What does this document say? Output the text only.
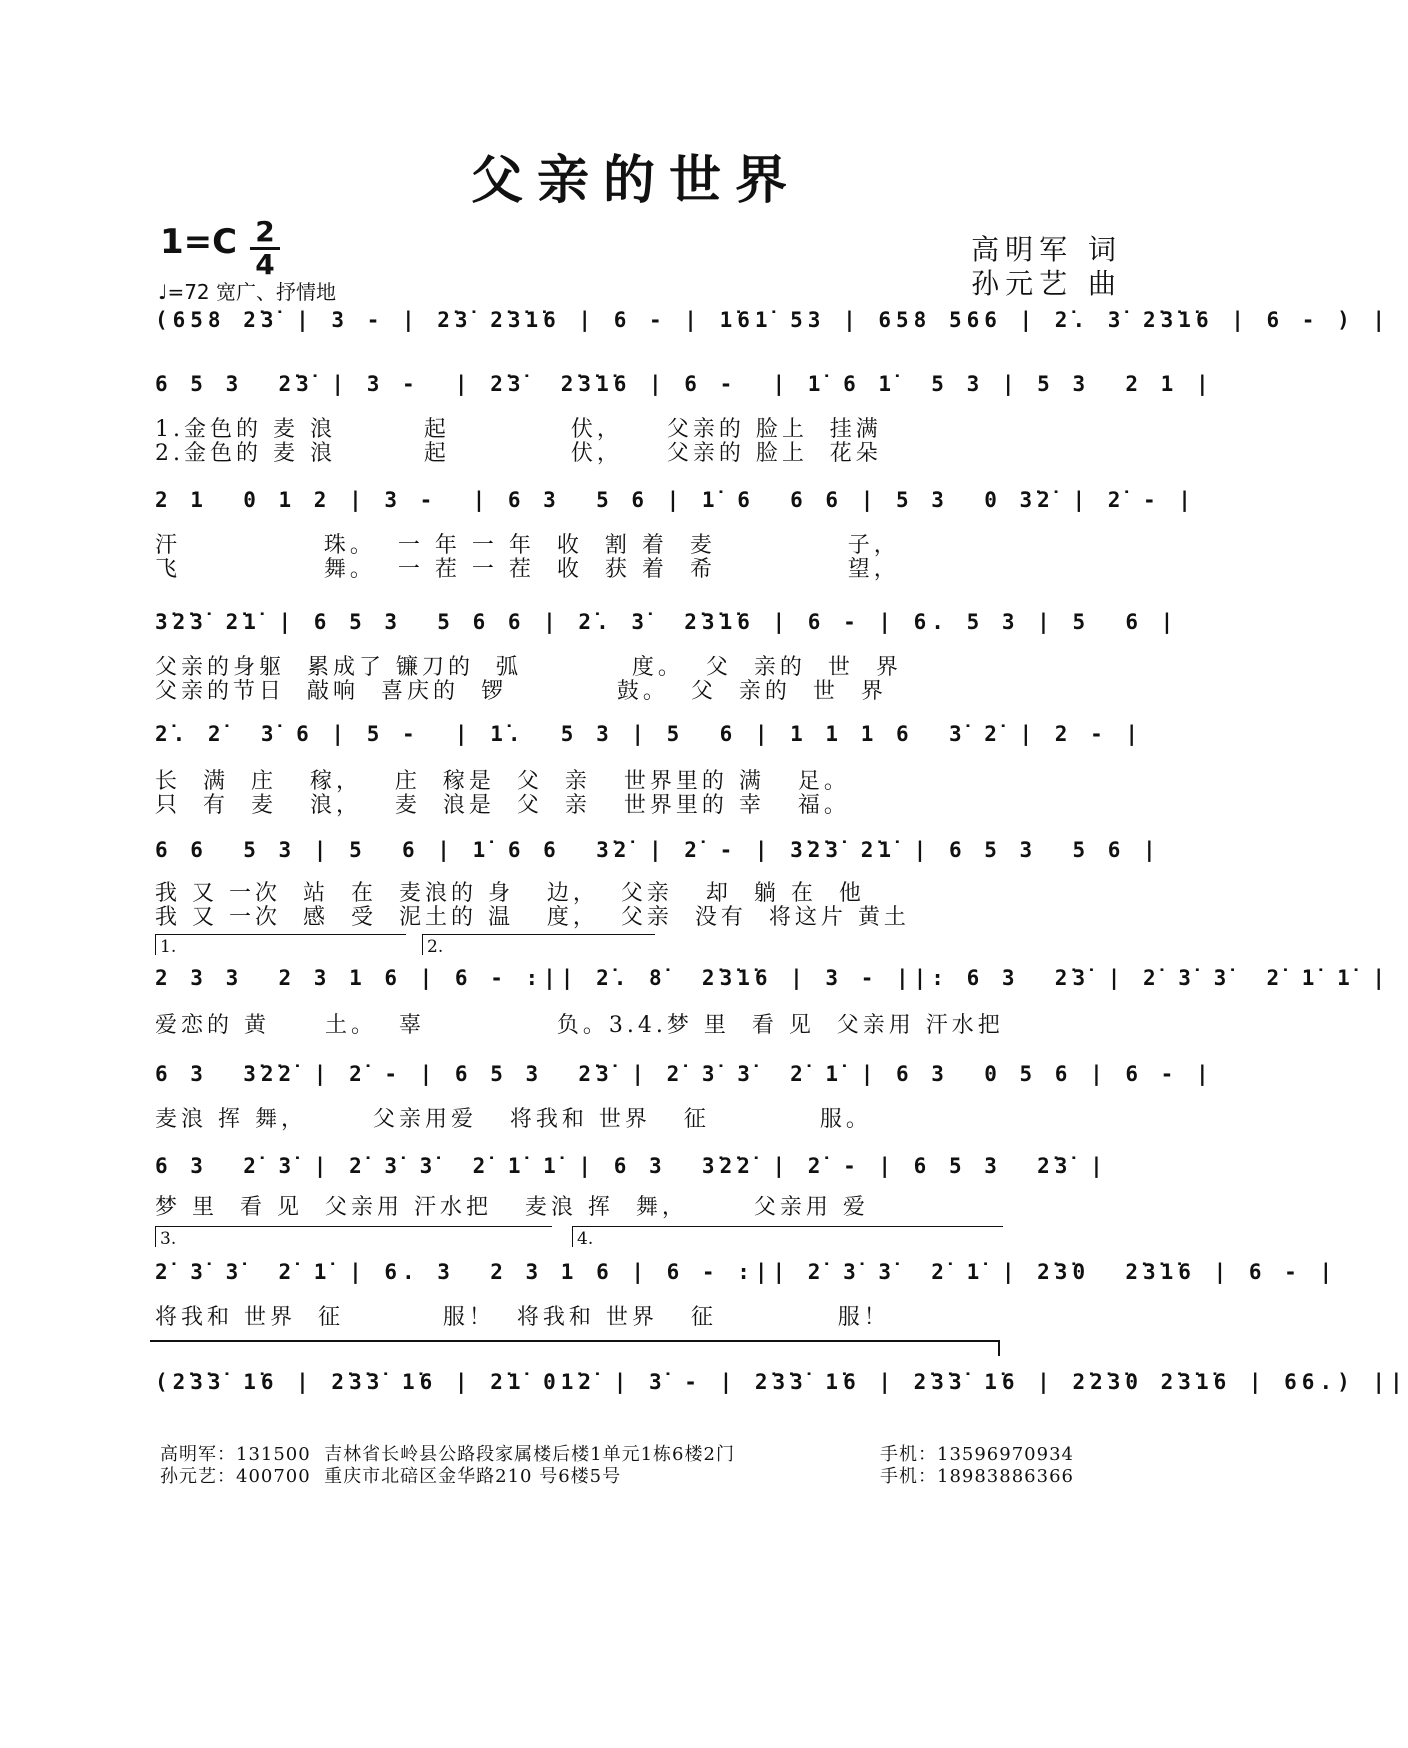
父亲的世界
1=C 2
4
♩=72 宽广、抒情地
高明军 词
孙元艺 曲
(658 2̇3̇ | 3 - | 2̇3̇ 2̇3̇1̇6 | 6 - | 1̇61̇ 53 | 658 566 | 2̇. 3̇ 2̇3̇1̇6 | 6 - ) |
6 5 3  2̇3̇ | 3 -  | 2̇3̇  2̇3̇1̇6 | 6 -  | 1̇ 6 1̇  5 3 | 5 3  2 1 |
1.金色的 麦 浪        起           伏，    父亲的 脸上  挂满
2.金色的 麦 浪        起           伏，    父亲的 脸上  花朵
2 1  0 1 2 | 3 -  | 6 3  5 6 | 1̇ 6  6 6 | 5 3  0 3̇2̇ | 2̇ - |
汗             珠。  一 年 一 年  收  割 着  麦            子，
飞             舞。  一 茬 一 茬  收  获 着  希            望，
3̇2̇3̇ 2̇1̇ | 6 5 3  5 6 6 | 2̇. 3̇  2̇3̇1̇6 | 6 - | 6. 5 3 | 5  6 |
父亲的身躯  累成了 镰刀的  弧          度。  父  亲的  世  界
父亲的节日  敲响  喜庆的  锣          鼓。  父  亲的  世  界
2̇. 2̇  3̇ 6 | 5 -  | 1̇.  5 3 | 5  6 | 1 1 1 6  3̇ 2̇ | 2 - |
长  满  庄   稼，   庄  稼是  父  亲   世界里的 满   足。
只  有  麦   浪，   麦  浪是  父  亲   世界里的 幸   福。
6 6  5 3 | 5  6 | 1̇ 6 6  3̇2̇ | 2̇ - | 3̇2̇3̇ 2̇1̇ | 6 5 3  5 6 |
我 又 一次  站  在  麦浪的 身   边，  父亲   却  躺 在  他
我 又 一次  感  受  泥土的 温   度，  父亲  没有  将这片 黄土
1.	2.
2 3 3  2 3 1 6 | 6 - :|| 2̇. 8̇  2̇3̇1̇6 | 3 - ||: 6 3  2̇3̇ | 2̇ 3̇ 3̇  2̇ 1̇ 1̇ |
爱恋的 黄     土。  辜            负。3.4.梦 里  看 见  父亲用 汗水把
6 3  3̇2̇2̇ | 2̇ - | 6 5 3  2̇3̇ | 2̇ 3̇ 3̇  2̇ 1̇ | 6 3  0 5 6 | 6 - |
麦浪 挥 舞，      父亲用爱   将我和 世界   征          服。
6 3  2̇ 3̇ | 2̇ 3̇ 3̇  2̇ 1̇ 1̇ | 6 3  3̇2̇2̇ | 2̇ - | 6 5 3  2̇3̇ |
梦 里  看 见  父亲用 汗水把   麦浪 挥  舞，      父亲用 爱
3.	4.
2̇ 3̇ 3̇  2̇ 1̇ | 6. 3  2 3 1 6 | 6 - :|| 2̇ 3̇ 3̇  2̇ 1̇ | 2̇3̇0  2̇3̇1̇6 | 6 - |
将我和 世界  征         服！  将我和 世界   征           服！
(2̇3̇3̇ 1̇6 | 2̇3̇3̇ 1̇6 | 2̇1̇ 01̇2̇ | 3̇ - | 2̇3̇3̇ 1̇6 | 2̇3̇3̇ 1̇6 | 2̇2̇3̇0 2̇3̇1̇6 | 66.) ||
高明军：131500  吉林省长岭县公路段家属楼后楼1单元1栋6楼2门	手机：13596970934
孙元艺：400700  重庆市北碚区金华路210 号6楼5号	手机：18983886366
